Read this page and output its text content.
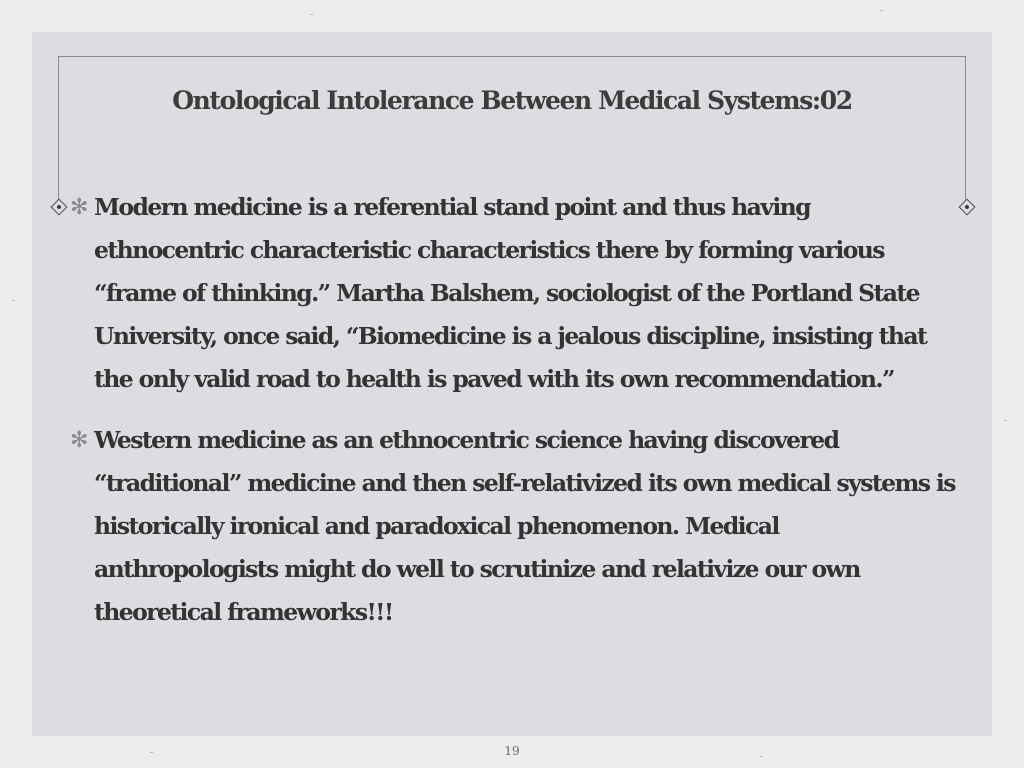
Ontological Intolerance Between Medical Systems:02
✻ Modern medicine is a referential stand point and thus having ethnocentric characteristic characteristics there by forming various “frame of thinking.” Martha Balshem, sociologist of the Portland State University, once said, “Biomedicine is a jealous discipline, insisting that the only valid road to health is paved with its own recommendation.”
✻ Western medicine as an ethnocentric science having discovered “traditional” medicine and then self-relativized its own medical systems is historically ironical and paradoxical phenomenon. Medical anthropologists might do well to scrutinize and relativize our own theoretical frameworks!!!
19
